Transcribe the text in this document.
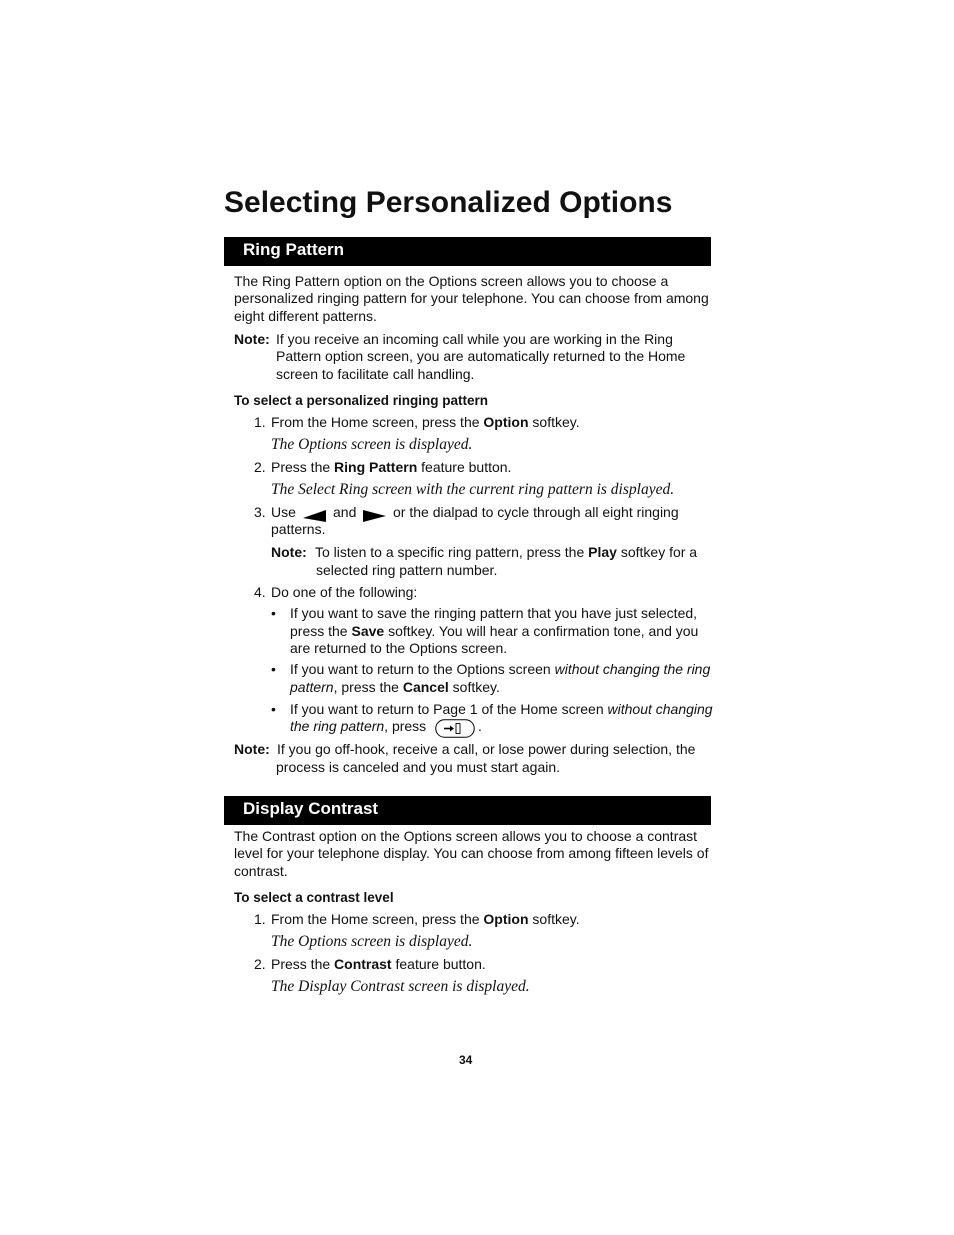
Selecting Personalized Options
Ring Pattern

The Ring Pattern option on the Options screen allows you to choose a personalized ringing pattern for your telephone. You can choose from among eight different patterns.

Note: If you receive an incoming call while you are working in the Ring Pattern option screen, you are automatically returned to the Home screen to facilitate call handling.

To select a personalized ringing pattern
1. From the Home screen, press the Option softkey.

The Options screen is displayed.
2. Press the Ring Pattern feature button.

The Select Ring screen with the current ring pattern is displayed.
3. Use	and	or the dialpad to cycle through all eight ringing
patterns.
Note: To listen to a specific ring pattern, press the Play softkey for a

selected ring pattern number.
4. Do one of the following:
• If you want to save the ringing pattern that you have just selected,

press the Save softkey. You will hear a confirmation tone, and you

are returned to the Options screen.
• If you want to return to the Options screen without changing the ring

pattern, press the Cancel softkey.

• If you want to return to Page 1 of the Home screen without changing

the ring pattern, press	.
Note: If you go off-hook, receive a call, or lose power during selection, the
process is canceled and you must start again.
Display Contrast

The Contrast option on the Options screen allows you to choose a contrast level for your telephone display. You can choose from among fifteen levels of contrast.

To select a contrast level
1. From the Home screen, press the Option softkey.

The Options screen is displayed.
2. Press the Contrast feature button.

The Display Contrast screen is displayed.
34
